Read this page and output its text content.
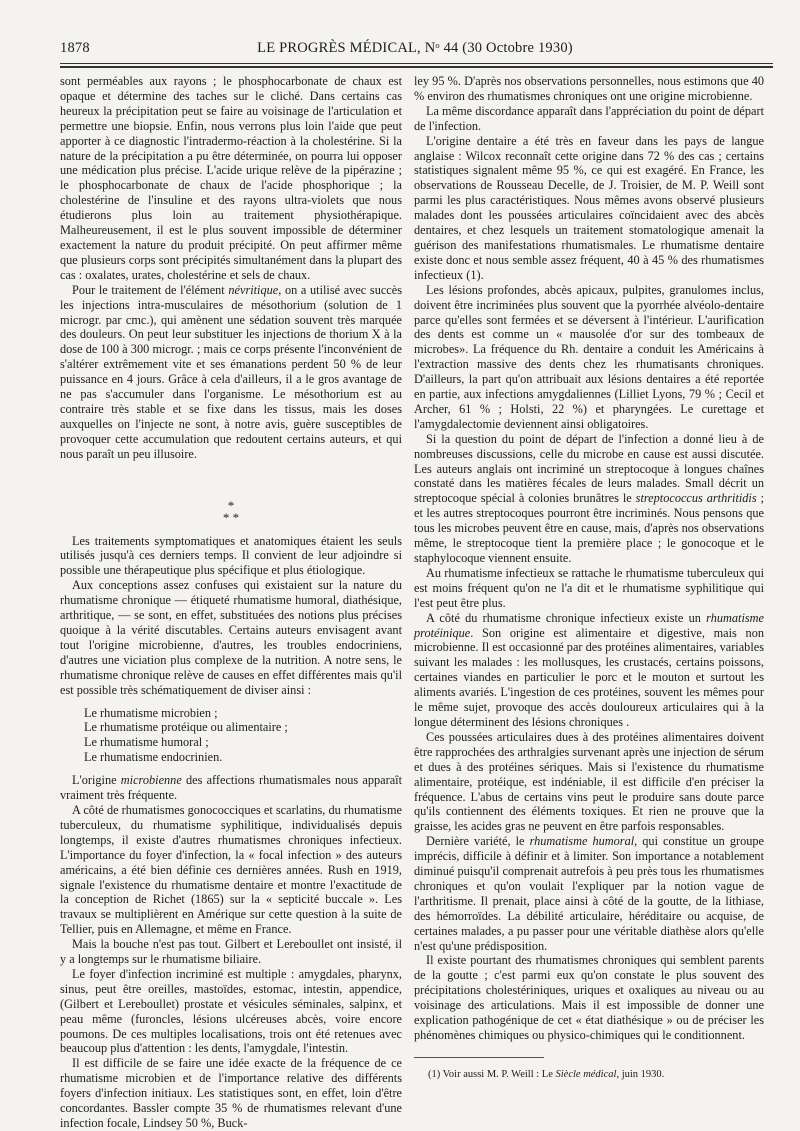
1878	LE PROGRÈS MÉDICAL, Nᵒ 44 (30 Octobre 1930)

sont perméables aux rayons ; le phosphocarbonate de chaux est opaque et détermine des taches sur le cliché. Dans certains cas heureux la précipitation peut se faire au voisinage de l'articulation et permettre une biopsie. Enfin, nous verrons plus loin l'aide que peut apporter à ce diagnostic l'intradermo-réaction à la cholestérine. Si la nature de la précipitation a pu être déterminée, on pourra lui opposer une médication plus précise. L'acide urique relève de la pipérazine ; le phosphocarbonate de chaux de l'acide phosphorique ; la cholestérine de l'insuline et des rayons ultra-violets que nous étudierons plus loin au traitement physiothérapique. Malheureusement, il est le plus souvent impossible de déterminer exactement la nature du produit précipité. On peut affirmer même que plusieurs corps sont précipités simultanément dans la plupart des cas : oxalates, urates, cholestérine et sels de chaux.

Pour le traitement de l'élément névritique, on a utilisé avec succès les injections intra-musculaires de mésothorium (solution de 1 microgr. par cmc.), qui amènent une sédation souvent très marquée des douleurs. On peut leur substituer les injections de thorium X à la dose de 100 à 300 microgr. ; mais ce corps présente l'inconvénient de s'altérer extrêmement vite et ses émanations perdent 50 % de leur puissance en 4 jours. Grâce à cela d'ailleurs, il a le gros avantage de ne pas s'accumuler dans l'organisme. Le mésothorium est au contraire très stable et se fixe dans les tissus, mais les doses auxquelles on l'injecte ne sont, à notre avis, guère susceptibles de provoquer cette accumulation que redoutent certains auteurs, et qui nous paraît un peu illusoire.

*
* *

Les traitements symptomatiques et anatomiques étaient les seuls utilisés jusqu'à ces derniers temps. Il convient de leur adjoindre si possible une thérapeutique plus spécifique et plus étiologique.

Aux conceptions assez confuses qui existaient sur la nature du rhumatisme chronique — étiqueté rhumatisme humoral, diathésique, arthritique, — se sont, en effet, substituées des notions plus précises quoique à la vérité discutables. Certains auteurs envisagent avant tout l'origine microbienne, d'autres, les troubles endocriniens, d'autres une viciation plus complexe de la nutrition. A notre sens, le rhumatisme chronique relève de causes en effet différentes mais qu'il est possible très schématiquement de diviser ainsi :

Le rhumatisme microbien ;
Le rhumatisme protéique ou alimentaire ;
Le rhumatisme humoral ;
Le rhumatisme endocrinien.

L'origine microbienne des affections rhumatismales nous apparaît vraiment très fréquente.

A côté de rhumatismes gonococciques et scarlatins, du rhumatisme tuberculeux, du rhumatisme syphilitique, individualisés depuis longtemps, il existe d'autres rhumatismes chroniques infectieux. L'importance du foyer d'infection, la « focal infection » des auteurs américains, a été bien définie ces dernières années. Rush en 1919, signale l'existence du rhumatisme dentaire et montre l'exactitude de la conception de Richet (1865) sur la « septicité buccale ». Les travaux se multiplièrent en Amérique sur cette question à la suite de Tellier, puis en Allemagne, et même en France.

Mais la bouche n'est pas tout. Gilbert et Lereboullet ont insisté, il y a longtemps sur le rhumatisme biliaire.

Le foyer d'infection incriminé est multiple : amygdales, pharynx, sinus, peut être oreilles, mastoïdes, estomac, intestin, appendice, (Gilbert et Lereboullet) prostate et vésicules séminales, salpinx, et peau même (furoncles, lésions ulcéreuses abcès, voire encore poumons. De ces multiples localisations, trois ont été retenues avec beaucoup plus d'attention : les dents, l'amygdale, l'intestin.

Il est difficile de se faire une idée exacte de la fréquence de ce rhumatisme microbien et de l'importance relative des différents foyers d'infection initiaux. Les statistiques sont, en effet, loin d'être concordantes. Bassler compte 35 % de rhumatismes relevant d'une infection focale, Lindsey 50 %, Buck-

ley 95 %. D'après nos observations personnelles, nous estimons que 40 % environ des rhumatismes chroniques ont une origine microbienne.

La même discordance apparaît dans l'appréciation du point de départ de l'infection.

L'origine dentaire a été très en faveur dans les pays de langue anglaise : Wilcox reconnaît cette origine dans 72 % des cas ; certains statistiques signalent même 95 %, ce qui est exagéré. En France, les observations de Rousseau Decelle, de J. Troisier, de M. P. Weill sont parmi les plus caractéristiques. Nous mêmes avons observé plusieurs malades dont les poussées articulaires coïncidaient avec des abcès dentaires, et chez lesquels un traitement stomatologique amenait la guérison des manifestations rhumatismales. Le rhumatisme dentaire existe donc et nous semble assez fréquent, 40 à 45 % des rhumatismes infectieux (1).

Les lésions profondes, abcès apicaux, pulpites, granulomes inclus, doivent être incriminées plus souvent que la pyorrhée alvéolo-dentaire parce qu'elles sont fermées et se déversent à l'intérieur. L'aurification des dents est comme un « mausolée d'or sur des tombeaux de microbes». La fréquence du Rh. dentaire a conduit les Américains à l'extraction massive des dents chez les rhumatisants chroniques. D'ailleurs, la part qu'on attribuait aux lésions dentaires a été reportée en partie, aux infections amygdaliennes (Lilliet Lyons, 79 % ; Cecil et Archer, 61 % ; Holsti, 22 %) et pharyngées. Le curettage et l'amygdalectomie deviennent ainsi obligatoires.

Si la question du point de départ de l'infection a donné lieu à de nombreuses discussions, celle du microbe en cause est aussi discutée. Les auteurs anglais ont incriminé un streptocoque à longues chaînes constaté dans les matières fécales de leurs malades. Small décrit un streptocoque spécial à colonies brunâtres le streptococcus arthritidis ; et les autres streptocoques pourront être incriminés. Nous pensons que tous les microbes peuvent être en cause, mais, d'après nos observations même, le streptocoque tient la première place ; le gonocoque et le staphylocoque viennent ensuite.

Au rhumatisme infectieux se rattache le rhumatisme tuberculeux qui est moins fréquent qu'on ne l'a dit et le rhumatisme syphilitique qui l'est peut être plus.

A côté du rhumatisme chronique infectieux existe un rhumatisme protéinique. Son origine est alimentaire et digestive, mais non microbienne. Il est occasionné par des protéines alimentaires, variables suivant les malades : les mollusques, les crustacés, certains poissons, certaines viandes en particulier le porc et le mouton et surtout les aliments avariés. L'ingestion de ces protéines, souvent les mêmes pour le même sujet, provoque des accès douloureux articulaires qui à la longue déterminent des lésions chroniques .

Ces poussées articulaires dues à des protéines alimentaires doivent être rapprochées des arthralgies survenant après une injection de sérum et dues à des protéines sériques. Mais si l'existence du rhumatisme alimentaire, protéique, est indéniable, il est difficile d'en préciser la fréquence. L'abus de certains vins peut le produire sans doute parce qu'ils contiennent des éléments toxiques. Et rien ne prouve que la graisse, les acides gras ne peuvent en être parfois responsables.

Dernière variété, le rhumatisme humoral, qui constitue un groupe imprécis, difficile à définir et à limiter. Son importance a notablement diminué puisqu'il comprenait autrefois à peu près tous les rhumatismes chroniques et qu'on voulait l'expliquer par la notion vague de l'arthritisme. Il prenait, place ainsi à côté de la goutte, de la lithiase, des hémorroïdes. La débilité articulaire, héréditaire ou acquise, de certaines malades, a pu passer pour une véritable diathèse alors qu'elle n'est qu'une prédisposition.

Il existe pourtant des rhumatismes chroniques qui semblent parents de la goutte ; c'est parmi eux qu'on constate le plus souvent des précipitations cholestériniques, uriques et oxaliques au niveau ou au voisinage des articulations. Mais il est impossible de donner une explication pathogénique de cet « état diathésique » ou de préciser les phénomènes chimiques ou physico-chimiques qui le conditionnent.

(1) Voir aussi M. P. Weill : Le Siècle médical, juin 1930.
